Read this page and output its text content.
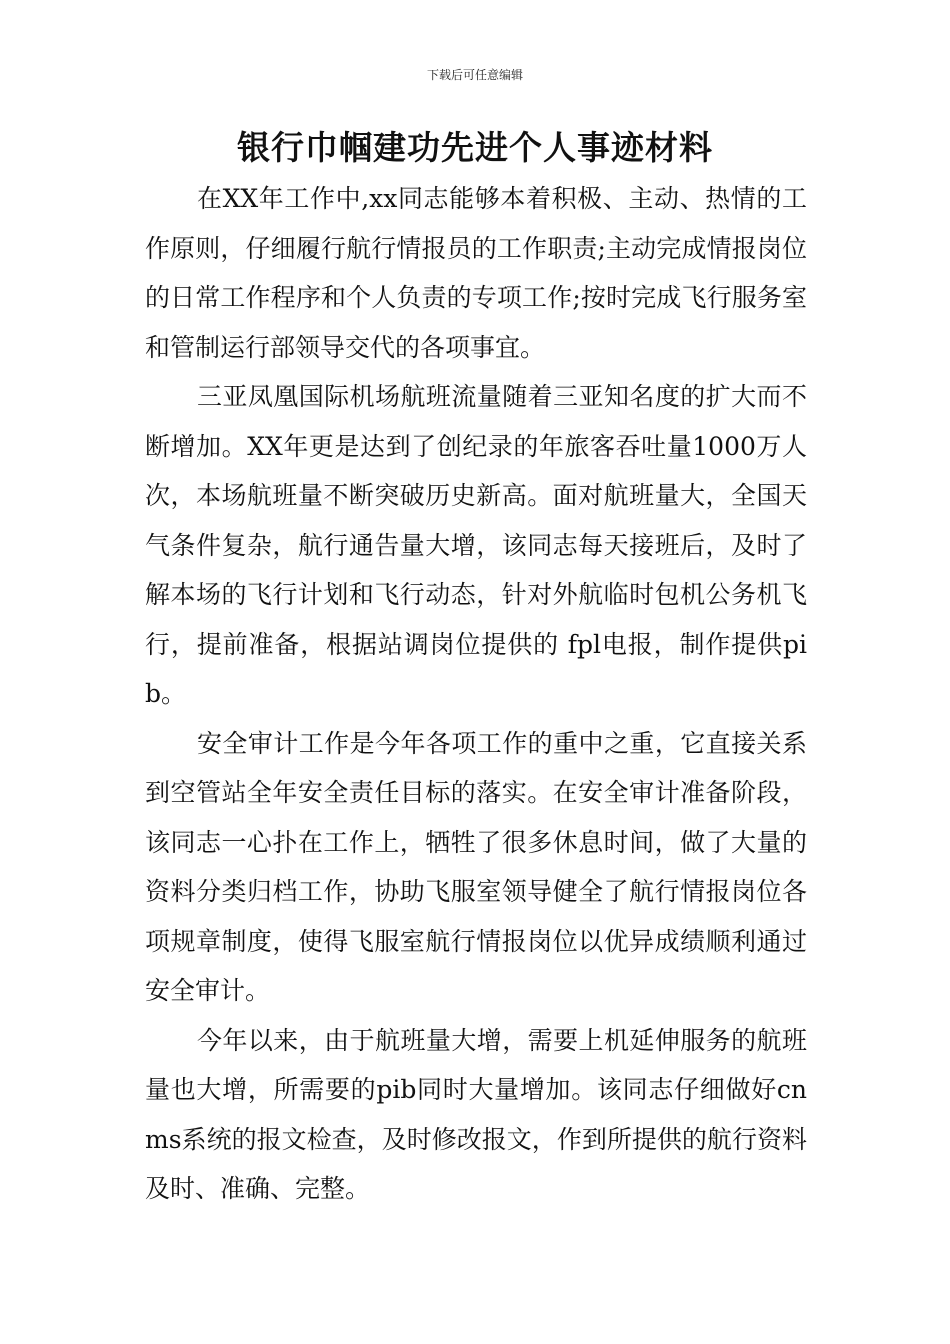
下载后可任意编辑
银行巾帼建功先进个人事迹材料

在XX年工作中,xx同志能够本着积极、主动、热情的工作原则，仔细履行航行情报员的工作职责;主动完成情报岗位的日常工作程序和个人负责的专项工作;按时完成飞行服务室和管制运行部领导交代的各项事宜。

三亚凤凰国际机场航班流量随着三亚知名度的扩大而不断增加。XX年更是达到了创纪录的年旅客吞吐量1000万人次，本场航班量不断突破历史新高。面对航班量大，全国天气条件复杂，航行通告量大增，该同志每天接班后，及时了解本场的飞行计划和飞行动态，针对外航临时包机公务机飞行，提前准备，根据站调岗位提供的 fpl电报，制作提供pib。

安全审计工作是今年各项工作的重中之重，它直接关系到空管站全年安全责任目标的落实。在安全审计准备阶段，该同志一心扑在工作上，牺牲了很多休息时间，做了大量的资料分类归档工作，协助飞服室领导健全了航行情报岗位各项规章制度，使得飞服室航行情报岗位以优异成绩顺利通过安全审计。

今年以来，由于航班量大增，需要上机延伸服务的航班量也大增，所需要的pib同时大量增加。该同志仔细做好cnms系统的报文检查，及时修改报文，作到所提供的航行资料及时、准确、完整。
